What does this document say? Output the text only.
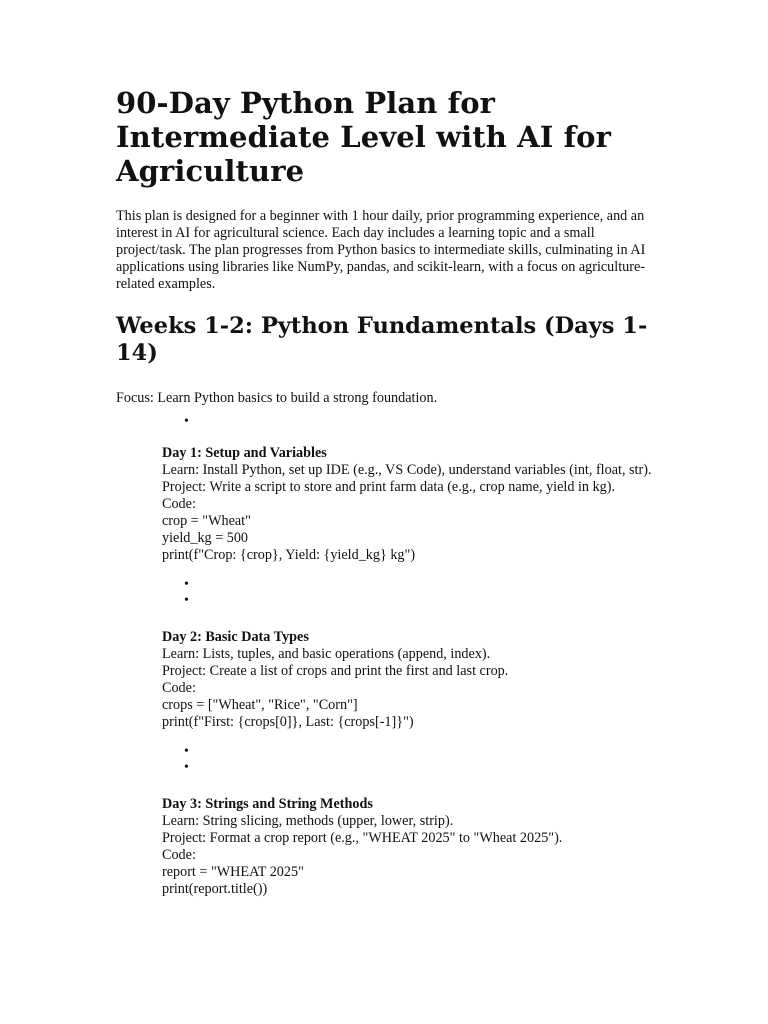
90-Day Python Plan for Intermediate Level with AI for Agriculture

This plan is designed for a beginner with 1 hour daily, prior programming experience, and an interest in AI for agricultural science. Each day includes a learning topic and a small project/task. The plan progresses from Python basics to intermediate skills, culminating in AI applications using libraries like NumPy, pandas, and scikit-learn, with a focus on agriculture-related examples.

Weeks 1-2: Python Fundamentals (Days 1-14)

Focus: Learn Python basics to build a strong foundation.

•
Day 1: Setup and Variables
Learn: Install Python, set up IDE (e.g., VS Code), understand variables (int, float, str).
Project: Write a script to store and print farm data (e.g., crop name, yield in kg).
Code:
crop = "Wheat"
yield_kg = 500
print(f"Crop: {crop}, Yield: {yield_kg} kg")
•
•
Day 2: Basic Data Types
Learn: Lists, tuples, and basic operations (append, index).
Project: Create a list of crops and print the first and last crop.
Code:
crops = ["Wheat", "Rice", "Corn"]
print(f"First: {crops[0]}, Last: {crops[-1]}")
•
•
Day 3: Strings and String Methods
Learn: String slicing, methods (upper, lower, strip).
Project: Format a crop report (e.g., "WHEAT 2025" to "Wheat 2025").
Code:
report = "WHEAT 2025"
print(report.title())
